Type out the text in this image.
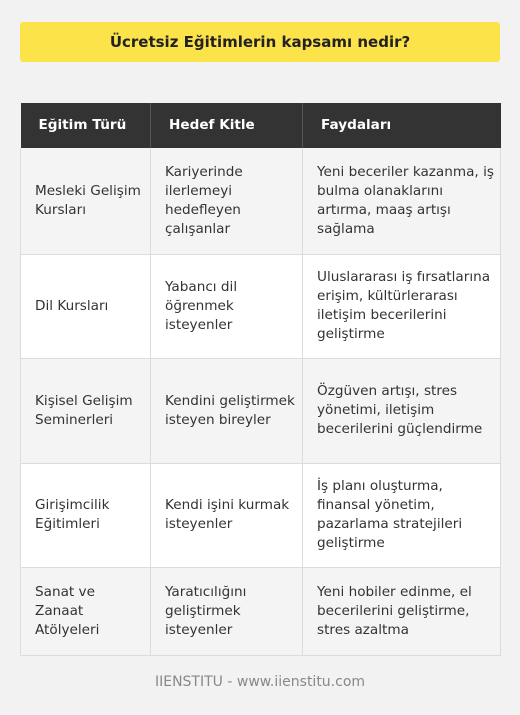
Ücretsiz Eğitimlerin kapsamı nedir?
Eğitim Türü	Hedef Kitle	Faydaları
Mesleki Gelişim Kursları	Kariyerinde ilerlemeyi hedefleyen çalışanlar	Yeni beceriler kazanma, iş bulma olanaklarını artırma, maaş artışı sağlama
Dil Kursları	Yabancı dil öğrenmek isteyenler	Uluslararası iş fırsatlarına erişim, kültürlerarası iletişim becerilerini geliştirme
Kişisel Gelişim Seminerleri	Kendini geliştirmek isteyen bireyler	Özgüven artışı, stres yönetimi, iletişim becerilerini güçlendirme
Girişimcilik Eğitimleri	Kendi işini kurmak isteyenler	İş planı oluşturma, finansal yönetim, pazarlama stratejileri geliştirme
Sanat ve Zanaat Atölyeleri	Yaratıcılığını geliştirmek isteyenler	Yeni hobiler edinme, el becerilerini geliştirme, stres azaltma
IIENSTITU - www.iienstitu.com
